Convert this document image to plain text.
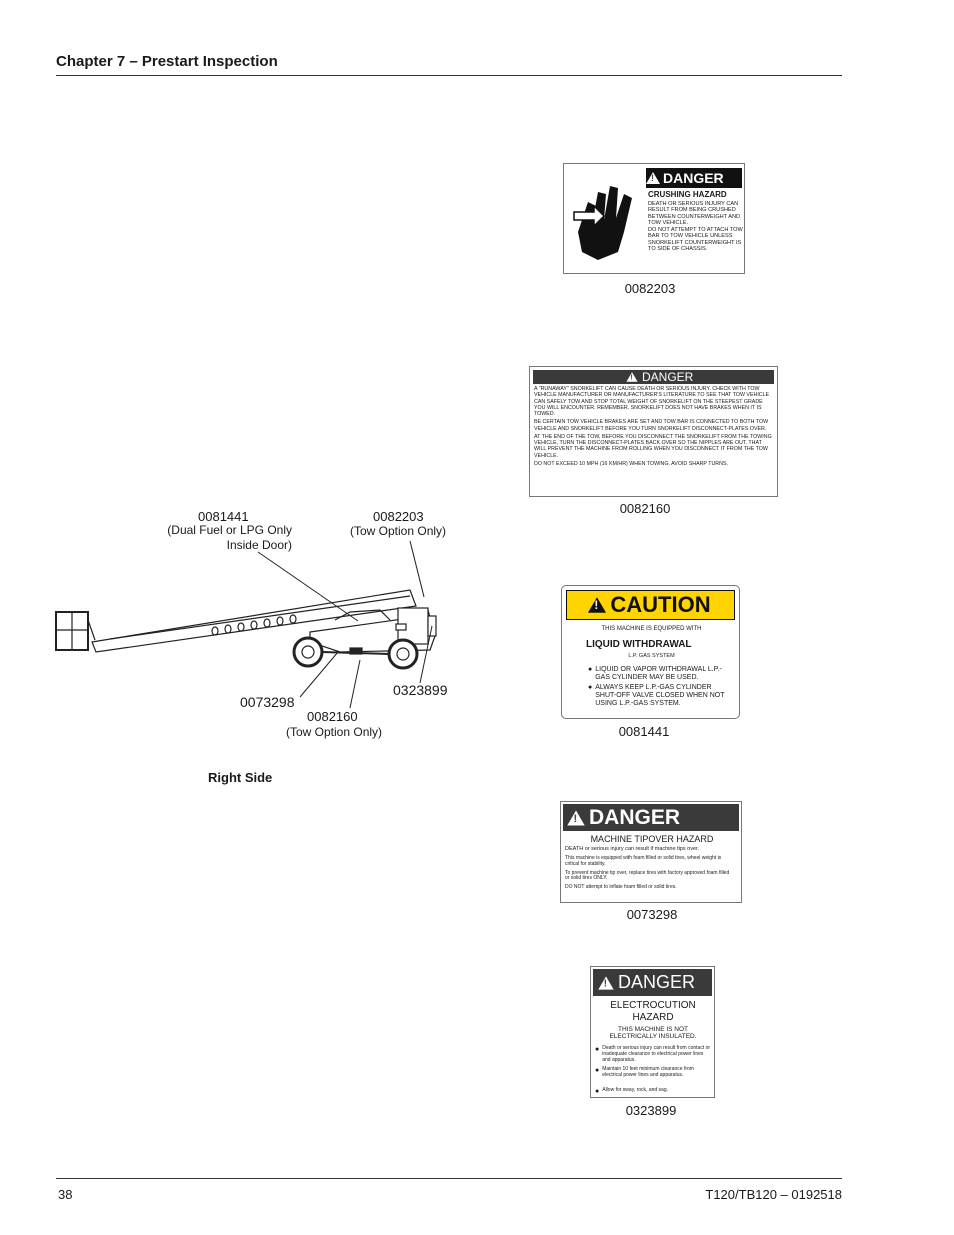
Chapter 7 – Prestart Inspection
!
DANGER
CRUSHING HAZARD
DEATH OR SERIOUS INJURY CAN RESULT FROM BEING CRUSHED BETWEEN COUNTERWEIGHT AND TOW VEHICLE.
DO NOT ATTEMPT TO ATTACH TOW BAR TO TOW VEHICLE UNLESS SNORKELIFT COUNTERWEIGHT IS TO SIDE OF CHASSIS.
0082203
!
DANGER
A "RUNAWAY" SNORKELIFT CAN CAUSE DEATH OR SERIOUS INJURY. CHECK WITH TOW VEHICLE MANUFACTURER OR MANUFACTURER'S LITERATURE TO SEE THAT TOW VEHICLE CAN SAFELY TOW AND STOP TOTAL WEIGHT OF SNORKELIFT ON THE STEEPEST GRADE YOU WILL ENCOUNTER. REMEMBER, SNORKELIFT DOES NOT HAVE BRAKES WHEN IT IS TOWED.
BE CERTAIN TOW VEHICLE BRAKES ARE SET AND TOW BAR IS CONNECTED TO BOTH TOW VEHICLE AND SNORKELIFT BEFORE YOU TURN SNORKELIFT DISCONNECT-PLATES OVER.
AT THE END OF THE TOW, BEFORE YOU DISCONNECT THE SNORKELIFT FROM THE TOWING VEHICLE, TURN THE DISCONNECT-PLATES BACK OVER SO THE NIPPLES ARE OUT. THAT WILL PREVENT THE MACHINE FROM ROLLING WHEN YOU DISCONNECT IT FROM THE TOW VEHICLE.
DO NOT EXCEED 10 MPH (16 KM/HR) WHEN TOWING. AVOID SHARP TURNS.
0082160
!
CAUTION
THIS MACHINE IS EQUIPPED WITH
LIQUID WITHDRAWAL
L.P. GAS SYSTEM
● LIQUID OR VAPOR WITHDRAWAL L.P.-GAS CYLINDER MAY BE USED.
● ALWAYS KEEP L.P.-GAS CYLINDER SHUT-OFF VALVE CLOSED WHEN NOT USING L.P.-GAS SYSTEM.
0081441
!
DANGER
MACHINE TIPOVER HAZARD
DEATH or serious injury can result if machine tips over.
This machine is equipped with foam filled or solid tires, wheel weight is critical for stability.
To prevent machine tip over, replace tires with factory approved foam filled or solid tires ONLY.
DO NOT attempt to inflate foam filled or solid tires.
0073298
!
DANGER
ELECTROCUTION HAZARD
THIS MACHINE IS NOT ELECTRICALLY INSULATED.
● Death or serious injury can result from contact or inadequate clearance to electrical power lines and apparatus.
● Maintain 10 feet minimum clearance from electrical power lines and apparatus.
● Allow for sway, rock, and sag.
0323899
0081441
(Dual Fuel or LPG Only
Inside Door)
0082203
(Tow Option Only)
0073298
0323899
0082160
(Tow Option Only)
Right Side
38	T120/TB120 – 0192518
